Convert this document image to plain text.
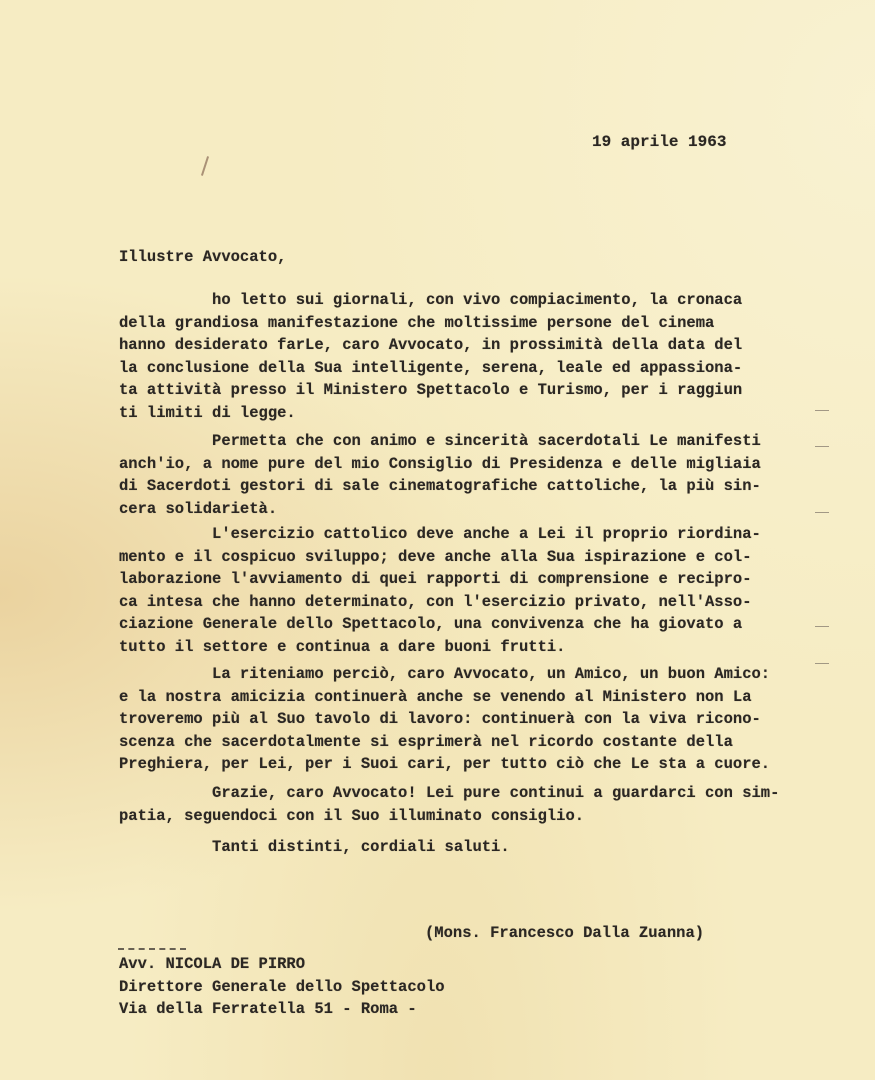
19 aprile 1963

Illustre Avvocato,

ho letto sui giornali, con vivo compiacimento, la cronaca
della grandiosa manifestazione che moltissime persone del cinema
hanno desiderato farLe, caro Avvocato, in prossimità della data del
la conclusione della Sua intelligente, serena, leale ed appassiona-
ta attività presso il Ministero Spettacolo e Turismo, per i raggiun
ti limiti di legge.

Permetta che con animo e sincerità sacerdotali Le manifesti
anch'io, a nome pure del mio Consiglio di Presidenza e delle migliaia
di Sacerdoti gestori di sale cinematografiche cattoliche, la più sin-
cera solidarietà.

L'esercizio cattolico deve anche a Lei il proprio riordina-
mento e il cospicuo sviluppo; deve anche alla Sua ispirazione e col-
laborazione l'avviamento di quei rapporti di comprensione e recipro-
ca intesa che hanno determinato, con l'esercizio privato, nell'Asso-
ciazione Generale dello Spettacolo, una convivenza che ha giovato a
tutto il settore e continua a dare buoni frutti.

La riteniamo perciò, caro Avvocato, un Amico, un buon Amico:
e la nostra amicizia continuerà anche se venendo al Ministero non La
troveremo più al Suo tavolo di lavoro: continuerà con la viva ricono-
scenza che sacerdotalmente si esprimerà nel ricordo costante della
Preghiera, per Lei, per i Suoi cari, per tutto ciò che Le sta a cuore.

Grazie, caro Avvocato! Lei pure continui a guardarci con sim-
patia, seguendoci con il Suo illuminato consiglio.

Tanti distinti, cordiali saluti.

(Mons. Francesco Dalla Zuanna)

Avv. NICOLA DE PIRRO
Direttore Generale dello Spettacolo
Via della Ferratella 51 - Roma -
